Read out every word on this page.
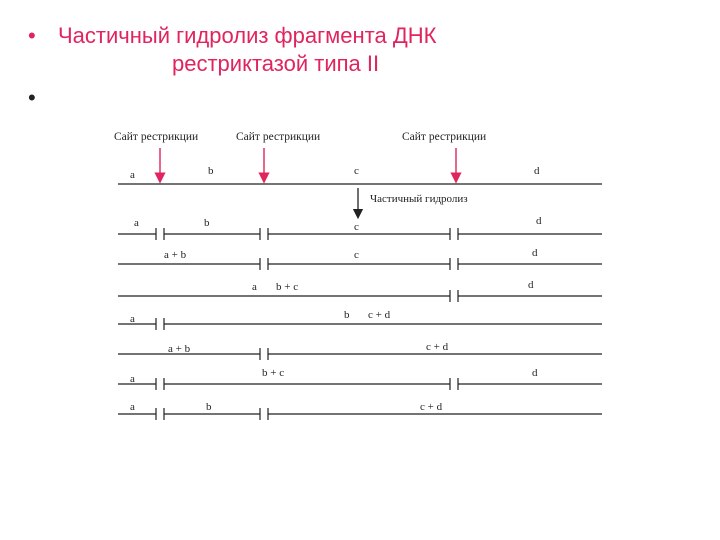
• Частичный гидролиз фрагмента ДНК
рестриктазой типа II
•
Сайт рестрикции	Сайт рестрикции	Сайт рестрикции
a	b	c	d
Частичный гидролиз
a	b	c	d
a + b	c	d
a b + c	d
a	b c + d
a + b	c + d
a	b + c	d
a	b	c + d
